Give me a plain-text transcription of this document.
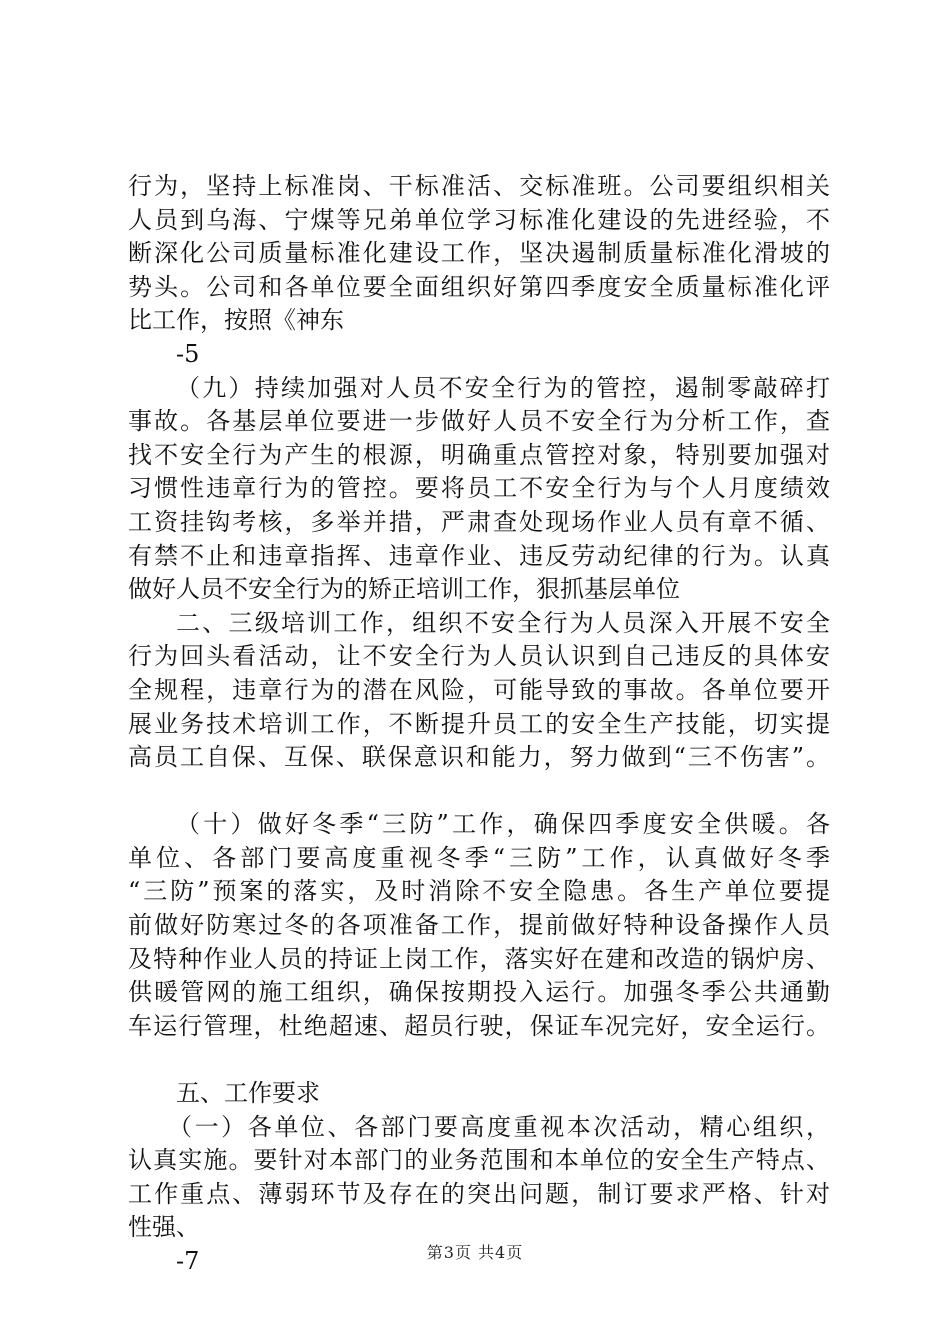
行为，坚持上标准岗、干标准活、交标准班。公司要组织相关
人员到乌海、宁煤等兄弟单位学习标准化建设的先进经验，不
断深化公司质量标准化建设工作，坚决遏制质量标准化滑坡的
势头。公司和各单位要全面组织好第四季度安全质量标准化评
比工作，按照《神东
-5
（九）持续加强对人员不安全行为的管控，遏制零敲碎打
事故。各基层单位要进一步做好人员不安全行为分析工作，查
找不安全行为产生的根源，明确重点管控对象，特别要加强对
习惯性违章行为的管控。要将员工不安全行为与个人月度绩效
工资挂钩考核，多举并措，严肃查处现场作业人员有章不循、
有禁不止和违章指挥、违章作业、违反劳动纪律的行为。认真
做好人员不安全行为的矫正培训工作，狠抓基层单位
二、三级培训工作，组织不安全行为人员深入开展不安全
行为回头看活动，让不安全行为人员认识到自己违反的具体安
全规程，违章行为的潜在风险，可能导致的事故。各单位要开
展业务技术培训工作，不断提升员工的安全生产技能，切实提
高员工自保、互保、联保意识和能力，努力做到“三不伤害”。
（十）做好冬季“三防”工作，确保四季度安全供暖。各
单位、各部门要高度重视冬季“三防”工作，认真做好冬季
“三防”预案的落实，及时消除不安全隐患。各生产单位要提
前做好防寒过冬的各项准备工作，提前做好特种设备操作人员
及特种作业人员的持证上岗工作，落实好在建和改造的锅炉房、
供暖管网的施工组织，确保按期投入运行。加强冬季公共通勤
车运行管理，杜绝超速、超员行驶，保证车况完好，安全运行。
五、工作要求
（一）各单位、各部门要高度重视本次活动，精心组织，
认真实施。要针对本部门的业务范围和本单位的安全生产特点、
工作重点、薄弱环节及存在的突出问题，制订要求严格、针对
性强、
-7	第3页 共4页
